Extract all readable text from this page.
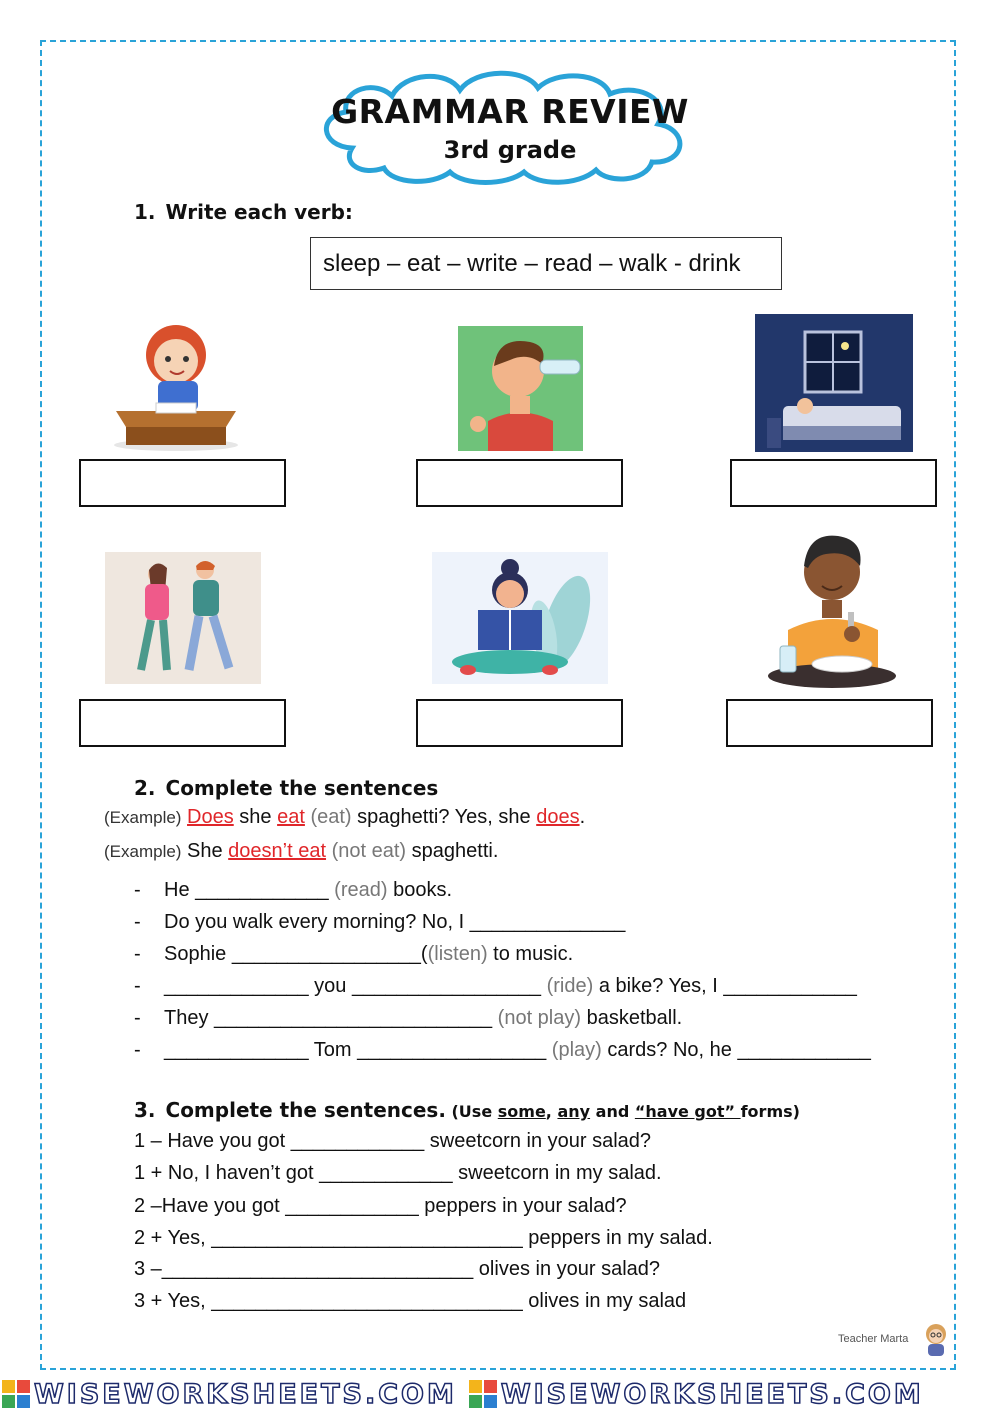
GRAMMAR REVIEW
3rd grade
1. Write each verb:
sleep – eat – write – read – walk - drink
2. Complete the sentences
(Example) Does she eat (eat) spaghetti? Yes, she does.
(Example) She doesn’t eat (not eat) spaghetti.
- He ____________ (read) books.
- Do you walk every morning? No, I ______________
- Sophie _________________((listen) to music.
- _____________ you _________________ (ride) a bike? Yes, I ____________
- They _________________________ (not play) basketball.
- _____________ Tom _________________ (play) cards? No, he ____________
3. Complete the sentences. (Use some, any and “have got” forms)
1 – Have you got ____________ sweetcorn in your salad?
1 + No, I haven’t got ____________ sweetcorn in my salad.
2 –Have you got ____________ peppers in your salad?
2 + Yes, ____________________________ peppers in my salad.
3 –____________________________ olives in your salad?
3 + Yes, ____________________________ olives in my salad
Teacher Marta
WISEWORKSHEETS.COM WISEWORKSHEETS.COM
